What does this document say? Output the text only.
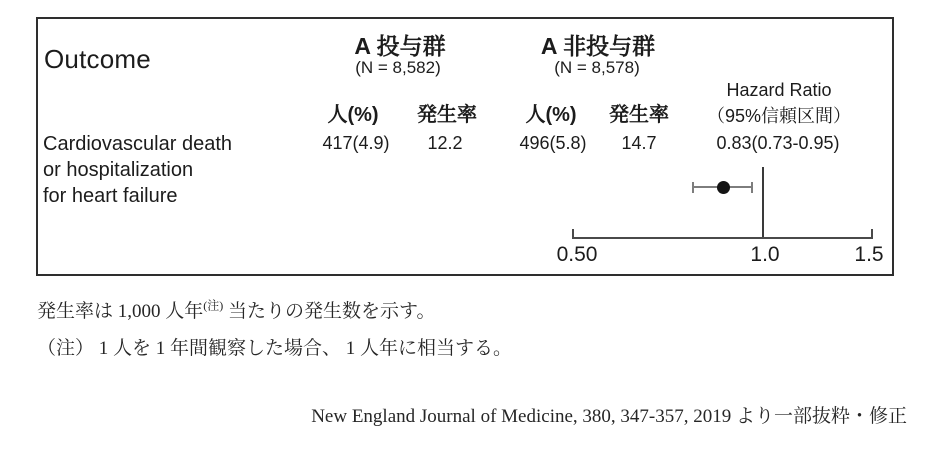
Outcome	A 投与群
(N = 8,582)
A 非投与群
(N = 8,578)
Hazard Ratio
（95%信頼区間）
人(%) 発生率 人(%) 発生率
Cardiovascular death
or hospitalization
for heart failure
417(4.9) 12.2	496(5.8) 14.7	0.83(0.73-0.95)
0.50	1.0	1.5
発生率は 1,000 人年$^{(注)}$ 当たりの発生数を示す。
（注） 1 人を 1 年間観察した場合、 1 人年に相当する。
New England Journal of Medicine, 380, 347-357, 2019 より一部抜粋・修正
